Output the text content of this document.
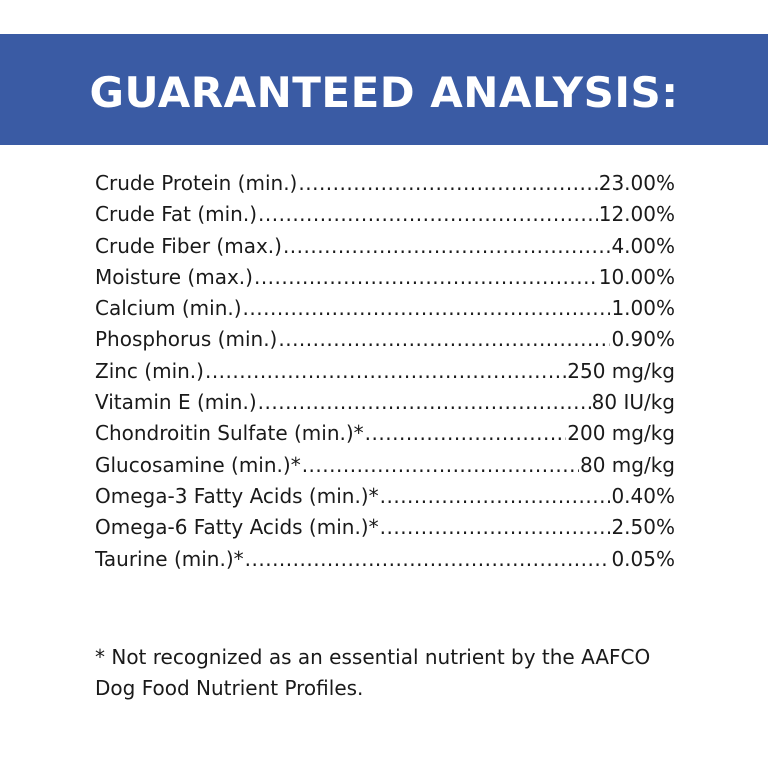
GUARANTEED ANALYSIS:
Crude Protein (min.) .....	23.00%
Crude Fat (min.) .....	12.00%
Crude Fiber (max.) .....	4.00%
Moisture (max.) .....	10.00%
Calcium (min.) .....	1.00%
Phosphorus (min.) .....	0.90%
Zinc (min.) .....	250 mg/kg
Vitamin E (min.) .....	80 IU/kg
Chondroitin Sulfate (min.)* .....	200 mg/kg
Glucosamine (min.)* .....	80 mg/kg
Omega-3 Fatty Acids (min.)* .....	0.40%
Omega-6 Fatty Acids (min.)* .....	2.50%
Taurine (min.)* .....	0.05%
* Not recognized as an essential nutrient by the AAFCO
Dog Food Nutrient Profiles.
